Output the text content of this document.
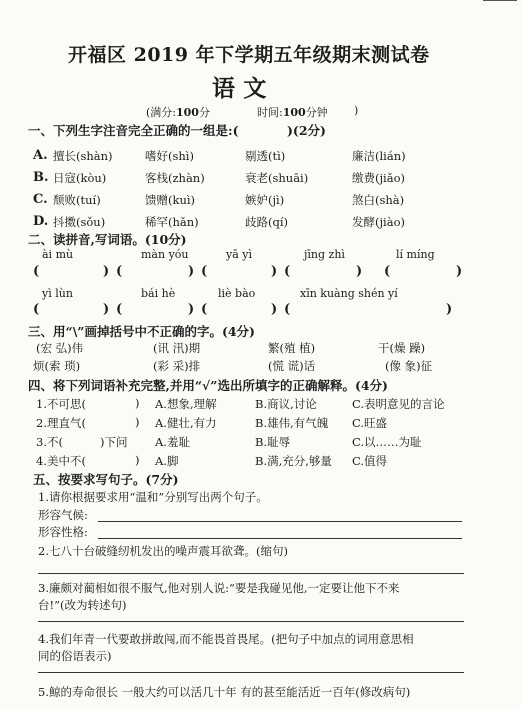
开福区 2019 年下学期五年级期末测试卷
语 文
(满分:100分	时间:100分钟 )
一、下列生字注音完全正确的一组是:(	)(2分)
A. 擅长(shàn)	嗜好(shì)	剔透(tì)	廉洁(lián)
B. 日寇(kòu)	客栈(zhàn)	衰老(shuāi)	缴费(jiǎo)
C. 颓败(tuí)	馈赠(kuì)	嫉妒(jì)	煞白(shà)
D. 抖擞(sǒu)	稀罕(hǎn)	歧路(qí)	发酵(jiào)
二、读拼音,写词语。(10分)
ài mù	màn yóu	yā yì	jīng zhì	lí míng
(	) (	) (	) (	) (	)
yì lùn	bái hè	liè bào	xīn kuàng shén yí
(	) (	) (	) (	)
三、用“\”画掉括号中不正确的字。(4分)
(宏 弘)伟	(讯 汛)期	繁(殖 植)	干(燥 躁)
烦(索 琐)	(彩 采)排	(慌 谎)话	(像 象)征
四、将下列词语补充完整,并用“√”选出所填字的正确解释。(4分)
1.不可思(	) A.想象,理解	B.商议,讨论	C.表明意见的言论
2.理直气(	) A.健壮,有力	B.雄伟,有气魄 C.旺盛
3.不(	)下问 A.羞耻	B.耻辱	C.以……为耻
4.美中不(	) A.脚	B.满,充分,够量 C.值得
五、按要求写句子。(7分)
1.请你根据要求用“温和”分别写出两个句子。
形容气候:
形容性格:
2.七八十台破缝纫机发出的噪声震耳欲聋。(缩句)
3.廉颇对蔺相如很不服气,他对别人说:“要是我碰见他,一定要让他下不来
台!”(改为转述句)
4.我们年青一代要敢拼敢闯,而不能畏首畏尾。(把句子中加点的词用意思相
同的俗语表示)
5.鲸的寿命很长 一般大约可以活几十年 有的甚至能活近一百年(修改病句)
